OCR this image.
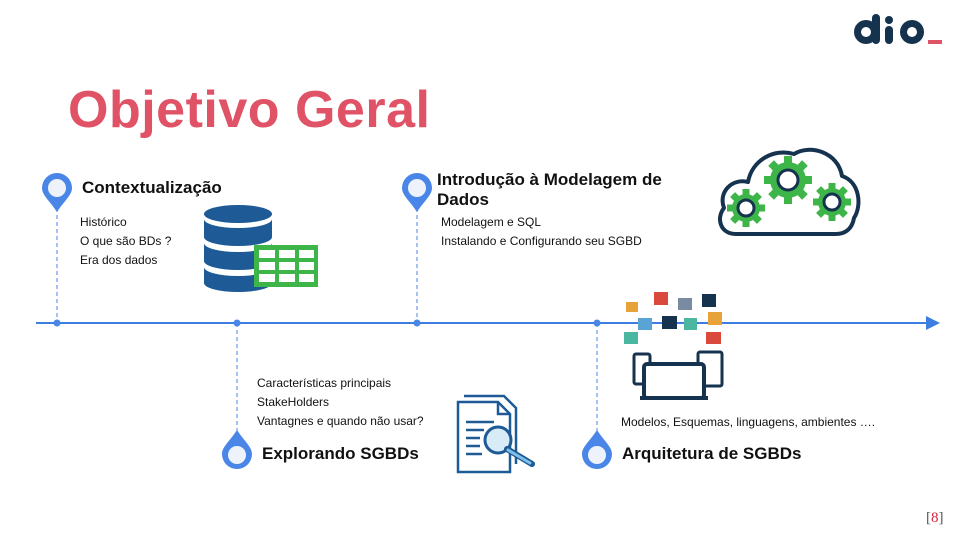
Objetivo Geral
Contextualização
Histórico
O que são BDs ?
Era dos dados
Características principais
StakeHolders
Vantagnes e quando não usar?
Explorando SGBDs
Introdução à Modelagem de Dados
Modelagem e SQL
Instalando e Configurando seu SGBD
Modelos, Esquemas, linguagens, ambientes ….
Arquitetura de SGBDs
[8]
